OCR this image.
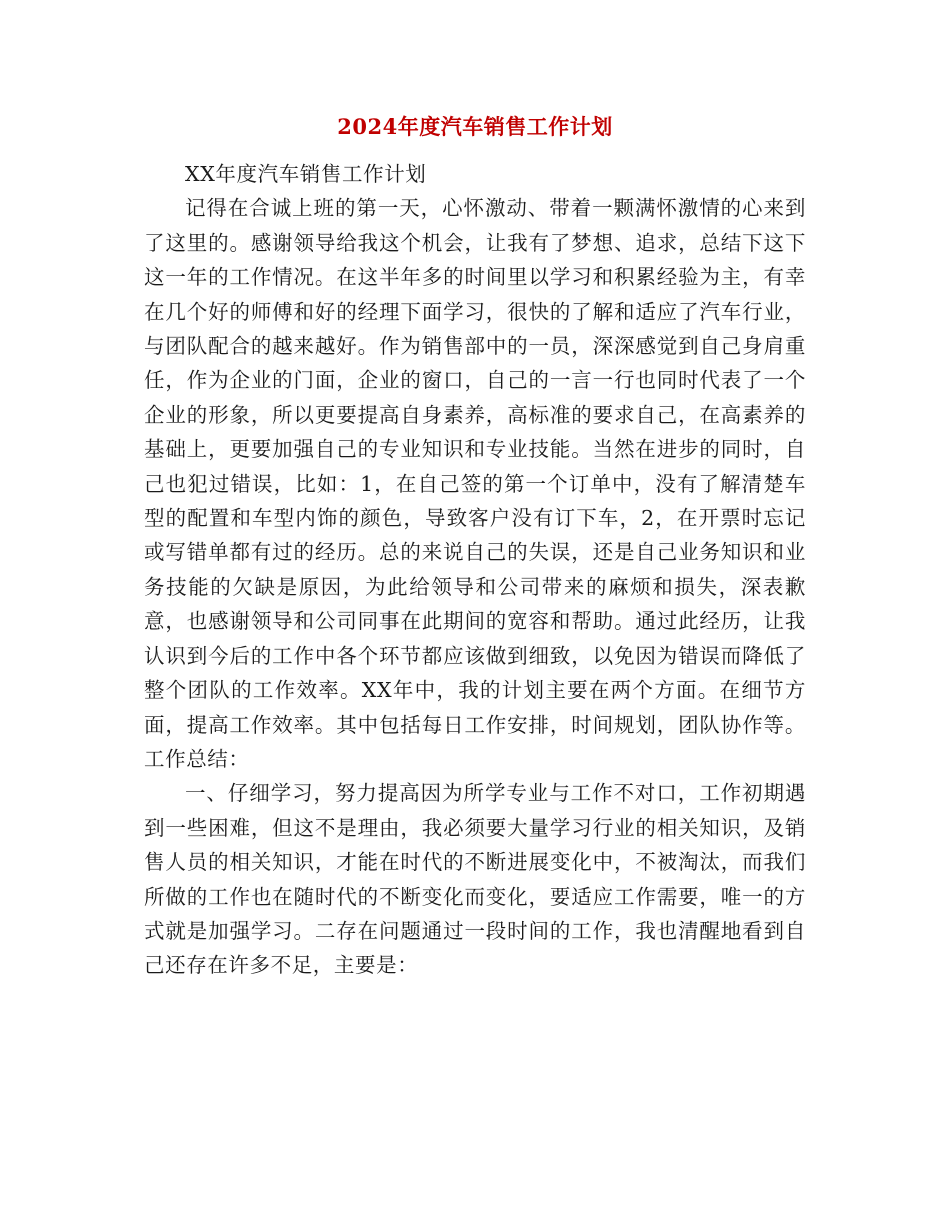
2024年度汽车销售工作计划

XX年度汽车销售工作计划

记得在合诚上班的第一天，心怀激动、带着一颗满怀激情的心来到了这里的。感谢领导给我这个机会，让我有了梦想、追求，总结下这下这一年的工作情况。在这半年多的时间里以学习和积累经验为主，有幸在几个好的师傅和好的经理下面学习，很快的了解和适应了汽车行业，与团队配合的越来越好。作为销售部中的一员，深深感觉到自己身肩重任，作为企业的门面，企业的窗口，自己的一言一行也同时代表了一个企业的形象，所以更要提高自身素养，高标准的要求自己，在高素养的基础上，更要加强自己的专业知识和专业技能。当然在进步的同时，自己也犯过错误，比如：1，在自己签的第一个订单中，没有了解清楚车型的配置和车型内饰的颜色，导致客户没有订下车，2，在开票时忘记或写错单都有过的经历。总的来说自己的失误，还是自己业务知识和业务技能的欠缺是原因，为此给领导和公司带来的麻烦和损失，深表歉意，也感谢领导和公司同事在此期间的宽容和帮助。通过此经历，让我认识到今后的工作中各个环节都应该做到细致，以免因为错误而降低了整个团队的工作效率。XX年中，我的计划主要在两个方面。在细节方面，提高工作效率。其中包括每日工作安排，时间规划，团队协作等。工作总结：

一、仔细学习，努力提高因为所学专业与工作不对口，工作初期遇到一些困难，但这不是理由，我必须要大量学习行业的相关知识，及销售人员的相关知识，才能在时代的不断进展变化中，不被淘汰，而我们所做的工作也在随时代的不断变化而变化，要适应工作需要，唯一的方式就是加强学习。二存在问题通过一段时间的工作，我也清醒地看到自己还存在许多不足，主要是：
